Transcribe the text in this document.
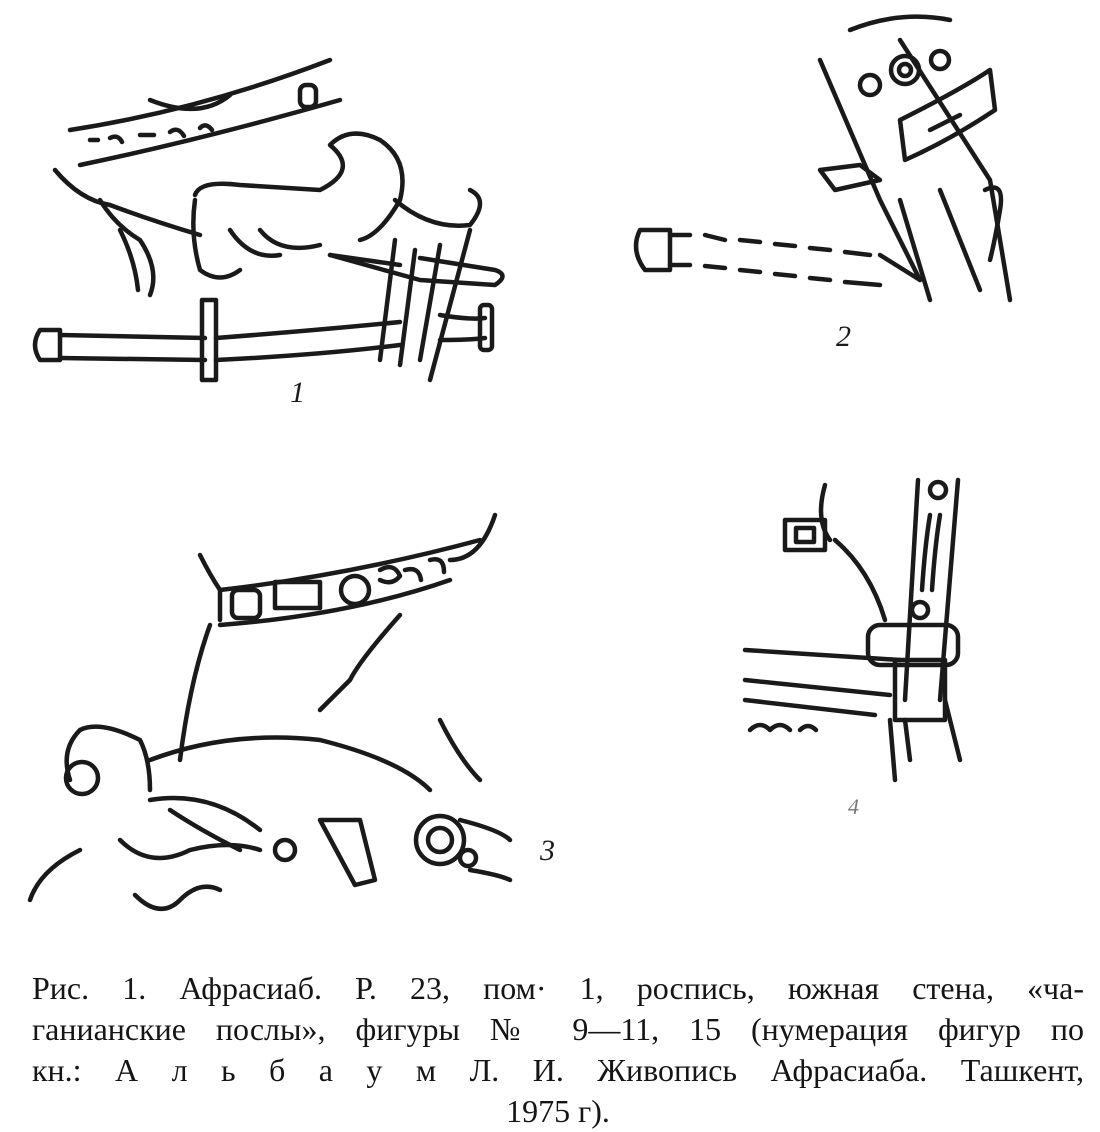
1
2
3
4
Рис. 1. Афрасиаб. Р. 23, пом· 1, роспись, южная стена, «ча-
ганианские послы», фигуры № 9—11, 15 (нумерация фигур по
кн.: А л ь б а у м Л. И. Живопись Афрасиаба. Ташкент,
1975 г).
